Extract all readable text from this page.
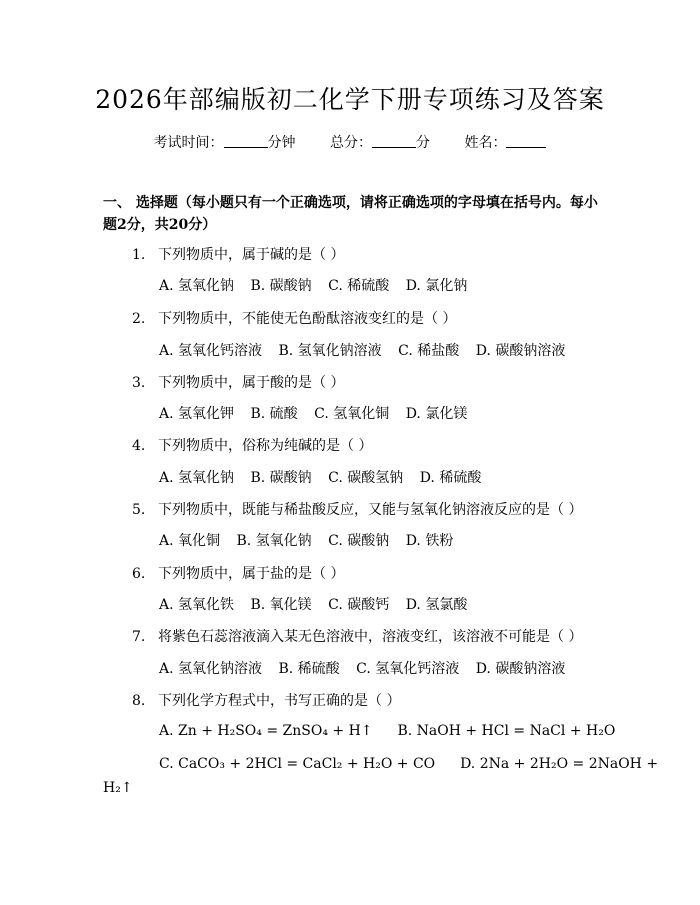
2026年部编版初二化学下册专项练习及答案
考试时间：	分钟 总分：	分 姓名：
一、 选择题（每小题只有一个正确选项，请将正确选项的字母填在括号内。每小题2分，共20分）
1. 下列物质中，属于碱的是（ ）
A. 氢氧化钠 B. 碳酸钠 C. 稀硫酸 D. 氯化钠
2. 下列物质中，不能使无色酚酞溶液变红的是（ ）
A. 氢氧化钙溶液 B. 氢氧化钠溶液 C. 稀盐酸 D. 碳酸钠溶液
3. 下列物质中，属于酸的是（ ）
A. 氢氧化钾 B. 硫酸 C. 氢氧化铜 D. 氯化镁
4. 下列物质中，俗称为纯碱的是（ ）
A. 氢氧化钠 B. 碳酸钠 C. 碳酸氢钠 D. 稀硫酸
5. 下列物质中，既能与稀盐酸反应，又能与氢氧化钠溶液反应的是（ ）
A. 氧化铜 B. 氢氧化钠 C. 碳酸钠 D. 铁粉
6. 下列物质中，属于盐的是（ ）
A. 氢氧化铁 B. 氧化镁 C. 碳酸钙 D. 氢氯酸
7. 将紫色石蕊溶液滴入某无色溶液中，溶液变红，该溶液不可能是（ ）
A. 氢氧化钠溶液 B. 稀硫酸 C. 氢氧化钙溶液 D. 碳酸钠溶液
8. 下列化学方程式中，书写正确的是（ ）
A. Zn + H₂SO₄ = ZnSO₄ + H↑ B. NaOH + HCl = NaCl + H₂O
C. CaCO₃ + 2HCl = CaCl₂ + H₂O + CO D. 2Na + 2H₂O = 2NaOH +
H₂↑
